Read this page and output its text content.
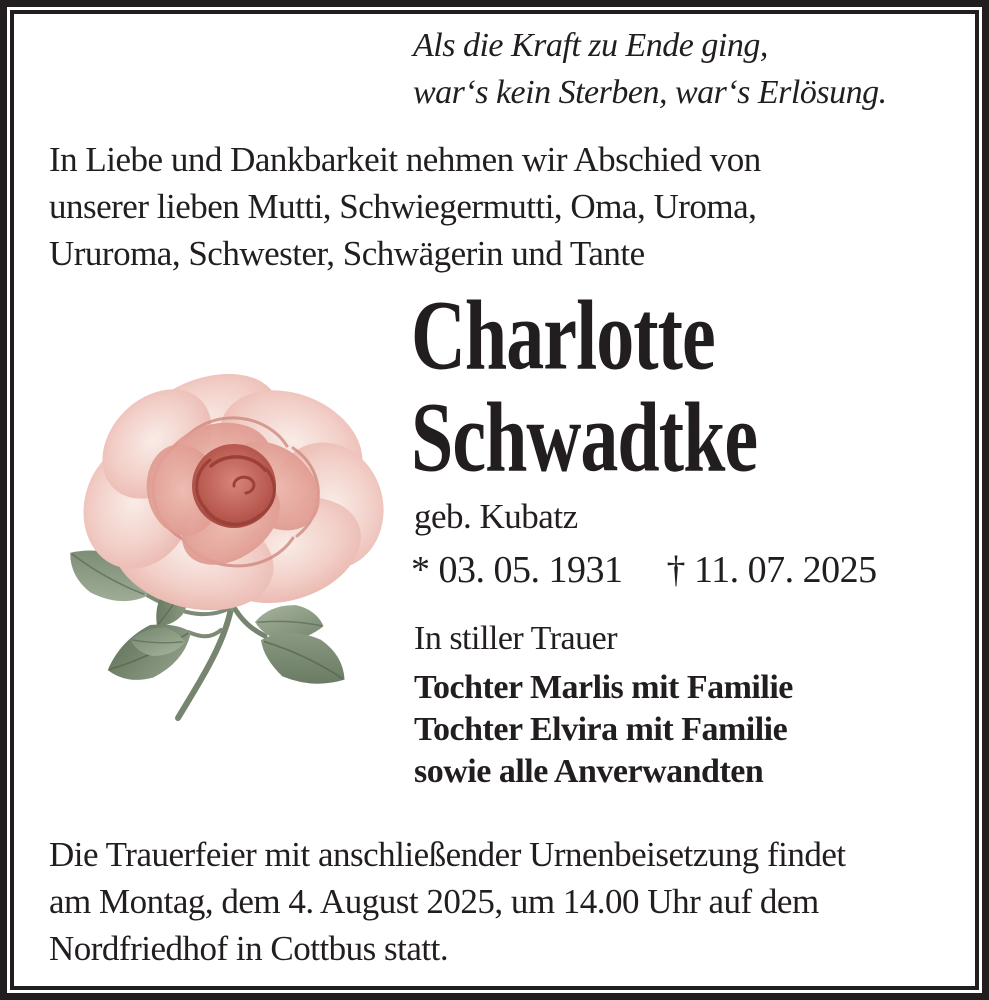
Als die Kraft zu Ende ging,
war‘s kein Sterben, war‘s Erlösung.
In Liebe und Dankbarkeit nehmen wir Abschied von
unserer lieben Mutti, Schwiegermutti, Oma, Uroma,
Ururoma, Schwester, Schwägerin und Tante
Charlotte
Schwadtke
geb. Kubatz
* 03. 05. 1931 † 11. 07. 2025
In stiller Trauer
Tochter Marlis mit Familie
Tochter Elvira mit Familie
sowie alle Anverwandten
Die Trauerfeier mit anschließender Urnenbeisetzung findet
am Montag, dem 4. August 2025, um 14.00 Uhr auf dem
Nordfriedhof in Cottbus statt.
